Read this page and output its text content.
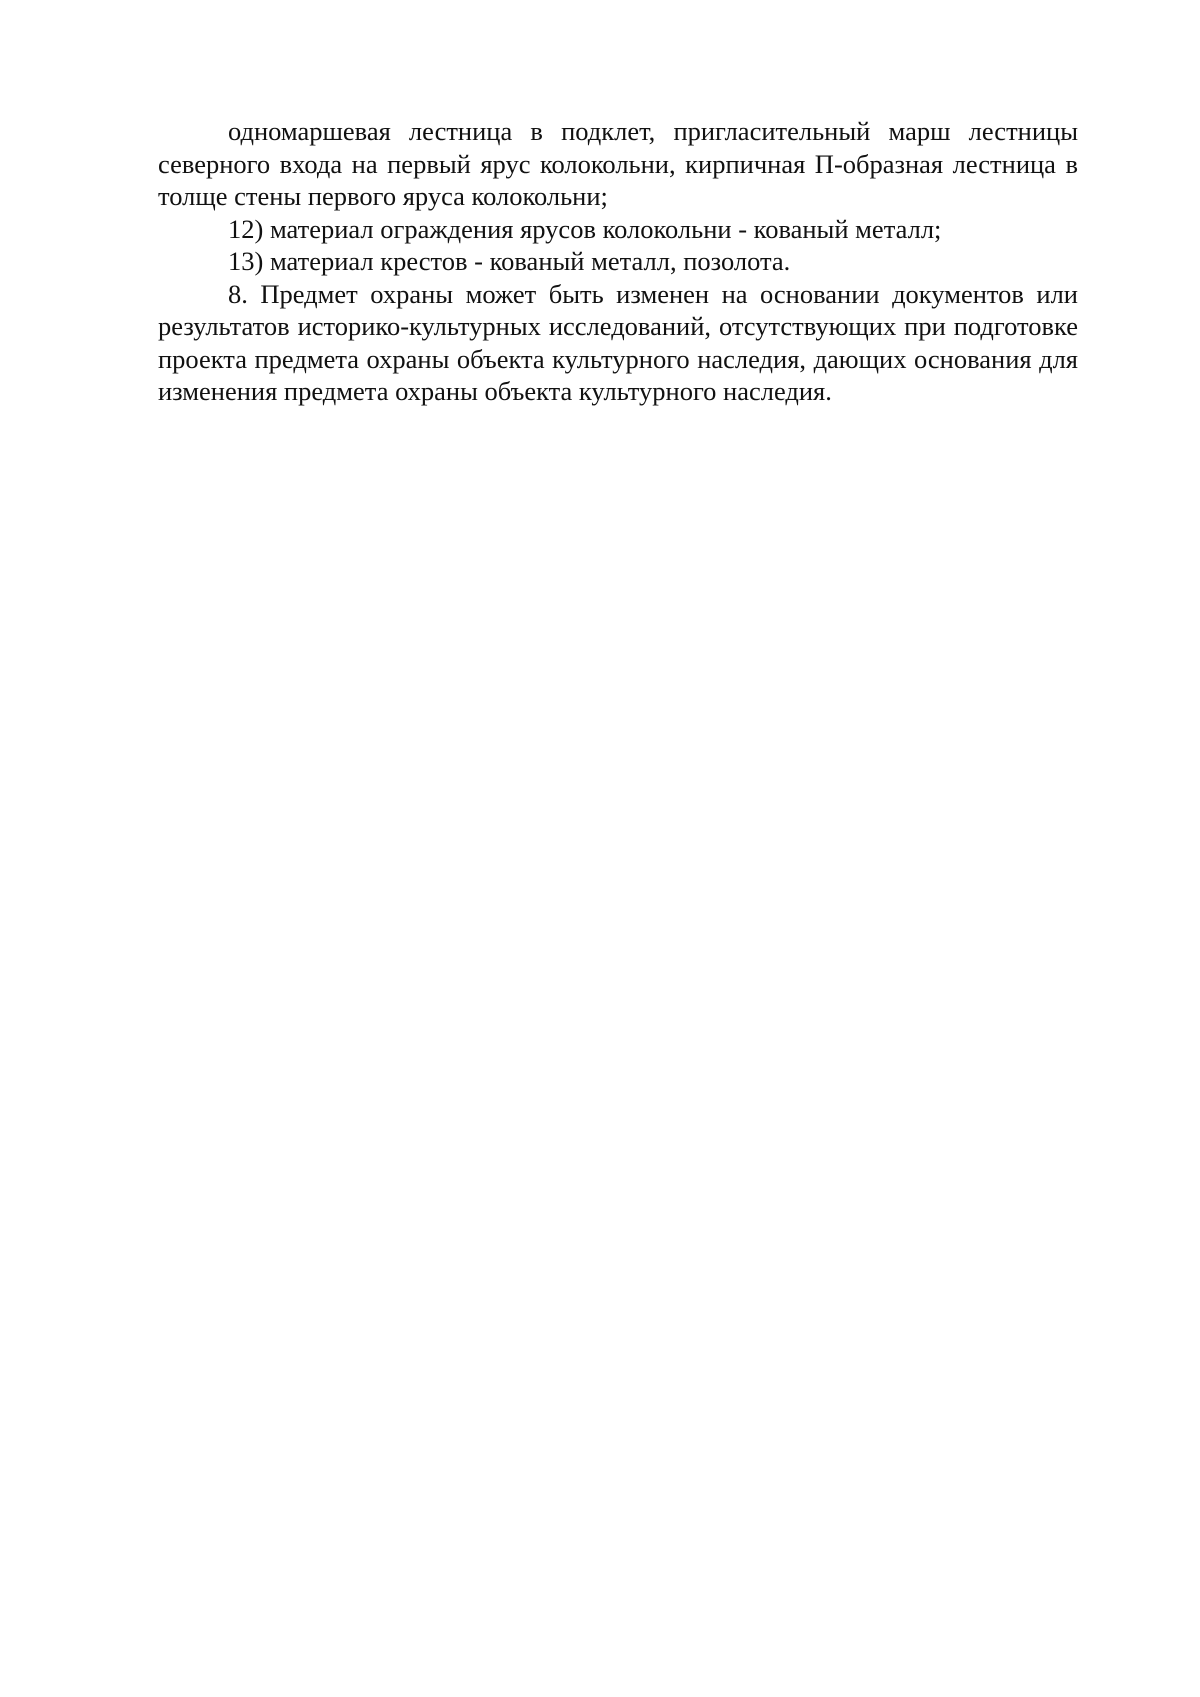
одномаршевая лестница в подклет, пригласительный марш лестницы северного входа на первый ярус колокольни, кирпичная П-образная лестница в толще стены первого яруса колокольни;

12) материал ограждения ярусов колокольни - кованый металл;

13) материал крестов - кованый металл, позолота.

8. Предмет охраны может быть изменен на основании документов или результатов историко-культурных исследований, отсутствующих при подготовке проекта предмета охраны объекта культурного наследия, дающих основания для изменения предмета охраны объекта культурного наследия.
